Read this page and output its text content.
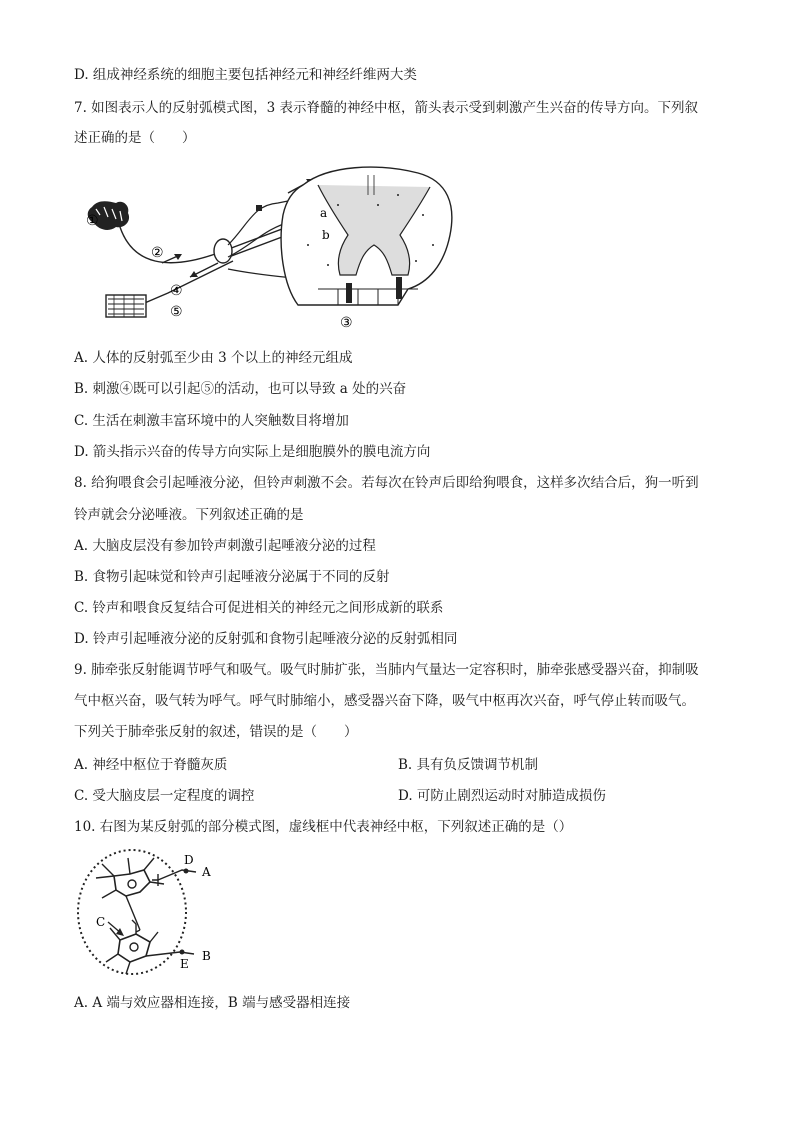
D. 组成神经系统的细胞主要包括神经元和神经纤维两大类
7. 如图表示人的反射弧模式图，3 表示脊髓的神经中枢，箭头表示受到刺激产生兴奋的传导方向。下列叙
述正确的是（　　）
①
②
③
④
⑤
a
b
A. 人体的反射弧至少由 3 个以上的神经元组成
B. 刺激④既可以引起⑤的活动，也可以导致 a 处的兴奋
C. 生活在刺激丰富环境中的人突触数目将增加
D. 箭头指示兴奋的传导方向实际上是细胞膜外的膜电流方向
8. 给狗喂食会引起唾液分泌，但铃声刺激不会。若每次在铃声后即给狗喂食，这样多次结合后，狗一听到
铃声就会分泌唾液。下列叙述正确的是
A. 大脑皮层没有参加铃声刺激引起唾液分泌的过程
B. 食物引起味觉和铃声引起唾液分泌属于不同的反射
C. 铃声和喂食反复结合可促进相关的神经元之间形成新的联系
D. 铃声引起唾液分泌的反射弧和食物引起唾液分泌的反射弧相同
9. 肺牵张反射能调节呼气和吸气。吸气时肺扩张，当肺内气量达一定容积时，肺牵张感受器兴奋，抑制吸
气中枢兴奋，吸气转为呼气。呼气时肺缩小，感受器兴奋下降，吸气中枢再次兴奋，呼气停止转而吸气。
下列关于肺牵张反射的叙述，错误的是（　　）
A. 神经中枢位于脊髓灰质	B. 具有负反馈调节机制
C. 受大脑皮层一定程度的调控	D. 可防止剧烈运动时对肺造成损伤
10. 右图为某反射弧的部分模式图，虚线框中代表神经中枢，下列叙述正确的是（）
D
A
C
E
B
A. A 端与效应器相连接，B 端与感受器相连接
